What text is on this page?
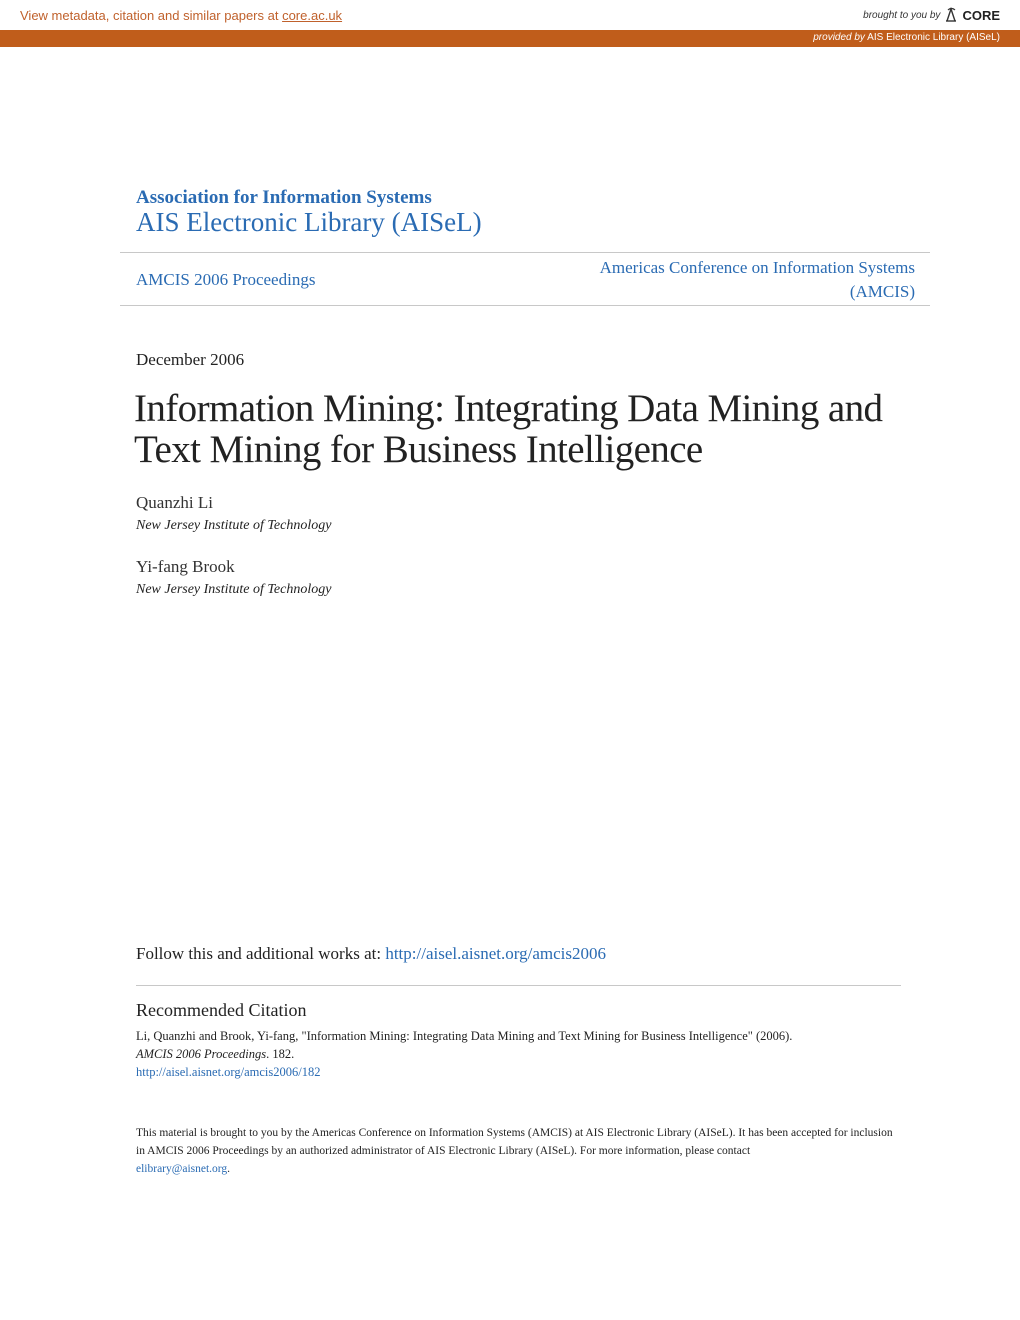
View metadata, citation and similar papers at core.ac.uk	brought to you by CORE
provided by AIS Electronic Library (AISeL)
Association for Information Systems
AIS Electronic Library (AISeL)
AMCIS 2006 Proceedings
Americas Conference on Information Systems
(AMCIS)
December 2006
Information Mining: Integrating Data Mining and
Text Mining for Business Intelligence
Quanzhi Li
New Jersey Institute of Technology
Yi-fang Brook
New Jersey Institute of Technology
Follow this and additional works at: http://aisel.aisnet.org/amcis2006
Recommended Citation
Li, Quanzhi and Brook, Yi-fang, "Information Mining: Integrating Data Mining and Text Mining for Business Intelligence" (2006).
AMCIS 2006 Proceedings. 182.
http://aisel.aisnet.org/amcis2006/182
This material is brought to you by the Americas Conference on Information Systems (AMCIS) at AIS Electronic Library (AISeL). It has been accepted for inclusion in AMCIS 2006 Proceedings by an authorized administrator of AIS Electronic Library (AISeL). For more information, please contact
elibrary@aisnet.org.
